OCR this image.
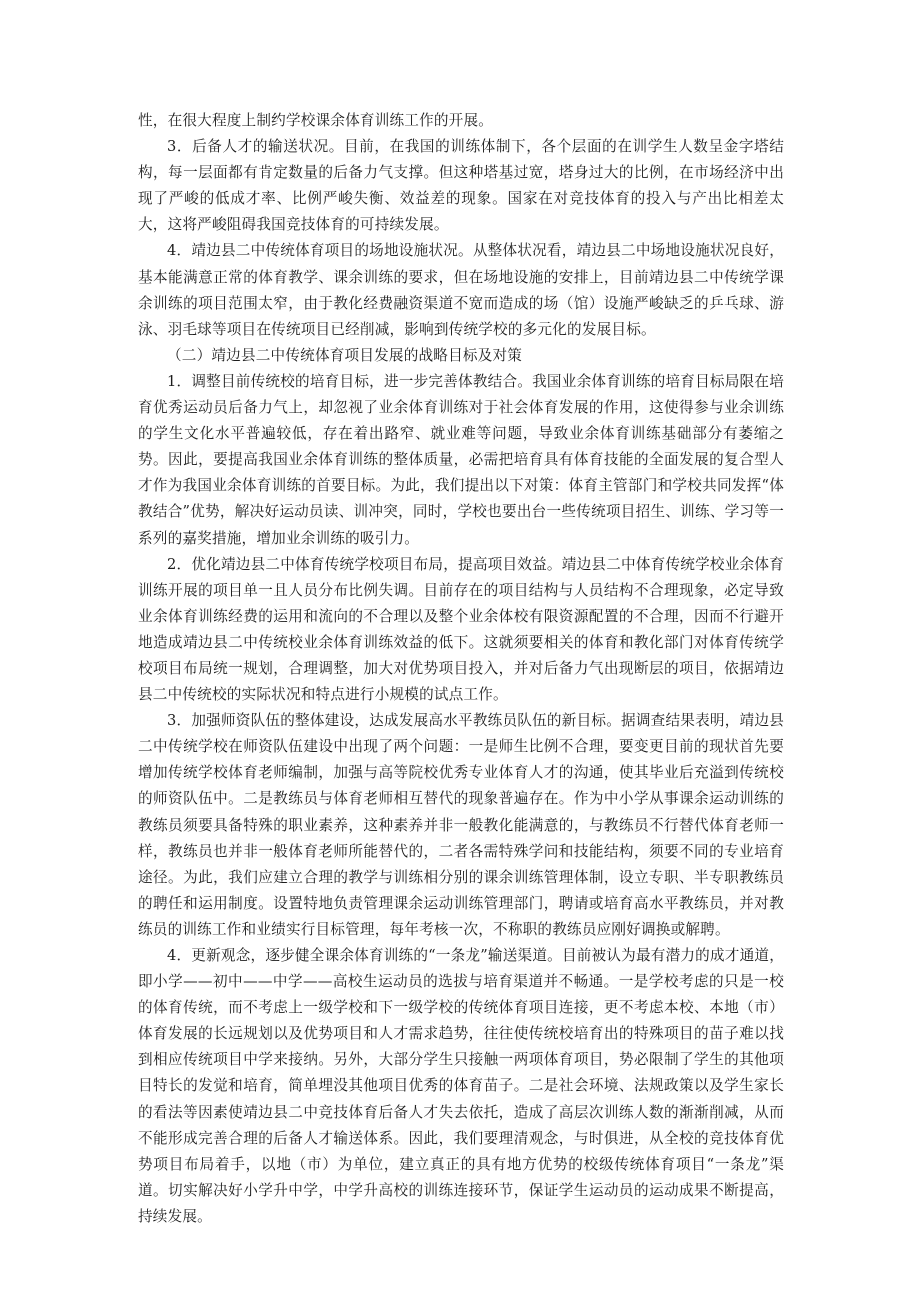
性，在很大程度上制约学校课余体育训练工作的开展。

3．后备人才的输送状况。目前，在我国的训练体制下，各个层面的在训学生人数呈金字塔结构，每一层面都有肯定数量的后备力气支撑。但这种塔基过宽，塔身过大的比例，在市场经济中出现了严峻的低成才率、比例严峻失衡、效益差的现象。国家在对竞技体育的投入与产出比相差太大，这将严峻阻碍我国竞技体育的可持续发展。

4．靖边县二中传统体育项目的场地设施状况。从整体状况看，靖边县二中场地设施状况良好，基本能满意正常的体育教学、课余训练的要求，但在场地设施的安排上，目前靖边县二中传统学课余训练的项目范围太窄，由于教化经费融资渠道不宽而造成的场（馆）设施严峻缺乏的乒乓球、游泳、羽毛球等项目在传统项目已经削减，影响到传统学校的多元化的发展目标。

（二）靖边县二中传统体育项目发展的战略目标及对策

1．调整目前传统校的培育目标，进一步完善体教结合。我国业余体育训练的培育目标局限在培育优秀运动员后备力气上，却忽视了业余体育训练对于社会体育发展的作用，这使得参与业余训练的学生文化水平普遍较低，存在着出路窄、就业难等问题，导致业余体育训练基础部分有萎缩之势。因此，要提高我国业余体育训练的整体质量，必需把培育具有体育技能的全面发展的复合型人才作为我国业余体育训练的首要目标。为此，我们提出以下对策：体育主管部门和学校共同发挥“体教结合”优势，解决好运动员读、训冲突，同时，学校也要出台一些传统项目招生、训练、学习等一系列的嘉奖措施，增加业余训练的吸引力。

2．优化靖边县二中体育传统学校项目布局，提高项目效益。靖边县二中体育传统学校业余体育训练开展的项目单一且人员分布比例失调。目前存在的项目结构与人员结构不合理现象，必定导致业余体育训练经费的运用和流向的不合理以及整个业余体校有限资源配置的不合理，因而不行避开地造成靖边县二中传统校业余体育训练效益的低下。这就须要相关的体育和教化部门对体育传统学校项目布局统一规划，合理调整，加大对优势项目投入，并对后备力气出现断层的项目，依据靖边县二中传统校的实际状况和特点进行小规模的试点工作。

3．加强师资队伍的整体建设，达成发展高水平教练员队伍的新目标。据调查结果表明，靖边县二中传统学校在师资队伍建设中出现了两个问题：一是师生比例不合理，要变更目前的现状首先要增加传统学校体育老师编制，加强与高等院校优秀专业体育人才的沟通，使其毕业后充溢到传统校的师资队伍中。二是教练员与体育老师相互替代的现象普遍存在。作为中小学从事课余运动训练的教练员须要具备特殊的职业素养，这种素养并非一般教化能满意的，与教练员不行替代体育老师一样，教练员也并非一般体育老师所能替代的，二者各需特殊学问和技能结构，须要不同的专业培育途径。为此，我们应建立合理的教学与训练相分别的课余训练管理体制，设立专职、半专职教练员的聘任和运用制度。设置特地负责管理课余运动训练管理部门，聘请或培育高水平教练员，并对教练员的训练工作和业绩实行目标管理，每年考核一次，不称职的教练员应刚好调换或解聘。

4．更新观念，逐步健全课余体育训练的“一条龙”输送渠道。目前被认为最有潜力的成才通道，即小学——初中——中学——高校生运动员的选拔与培育渠道并不畅通。一是学校考虑的只是一校的体育传统，而不考虑上一级学校和下一级学校的传统体育项目连接，更不考虑本校、本地（市）体育发展的长远规划以及优势项目和人才需求趋势，往往使传统校培育出的特殊项目的苗子难以找到相应传统项目中学来接纳。另外，大部分学生只接触一两项体育项目，势必限制了学生的其他项目特长的发觉和培育，简单埋没其他项目优秀的体育苗子。二是社会环境、法规政策以及学生家长的看法等因素使靖边县二中竞技体育后备人才失去依托，造成了高层次训练人数的渐渐削减，从而不能形成完善合理的后备人才输送体系。因此，我们要理清观念，与时俱进，从全校的竞技体育优势项目布局着手，以地（市）为单位，建立真正的具有地方优势的校级传统体育项目“一条龙”渠道。切实解决好小学升中学，中学升高校的训练连接环节，保证学生运动员的运动成果不断提高，持续发展。
